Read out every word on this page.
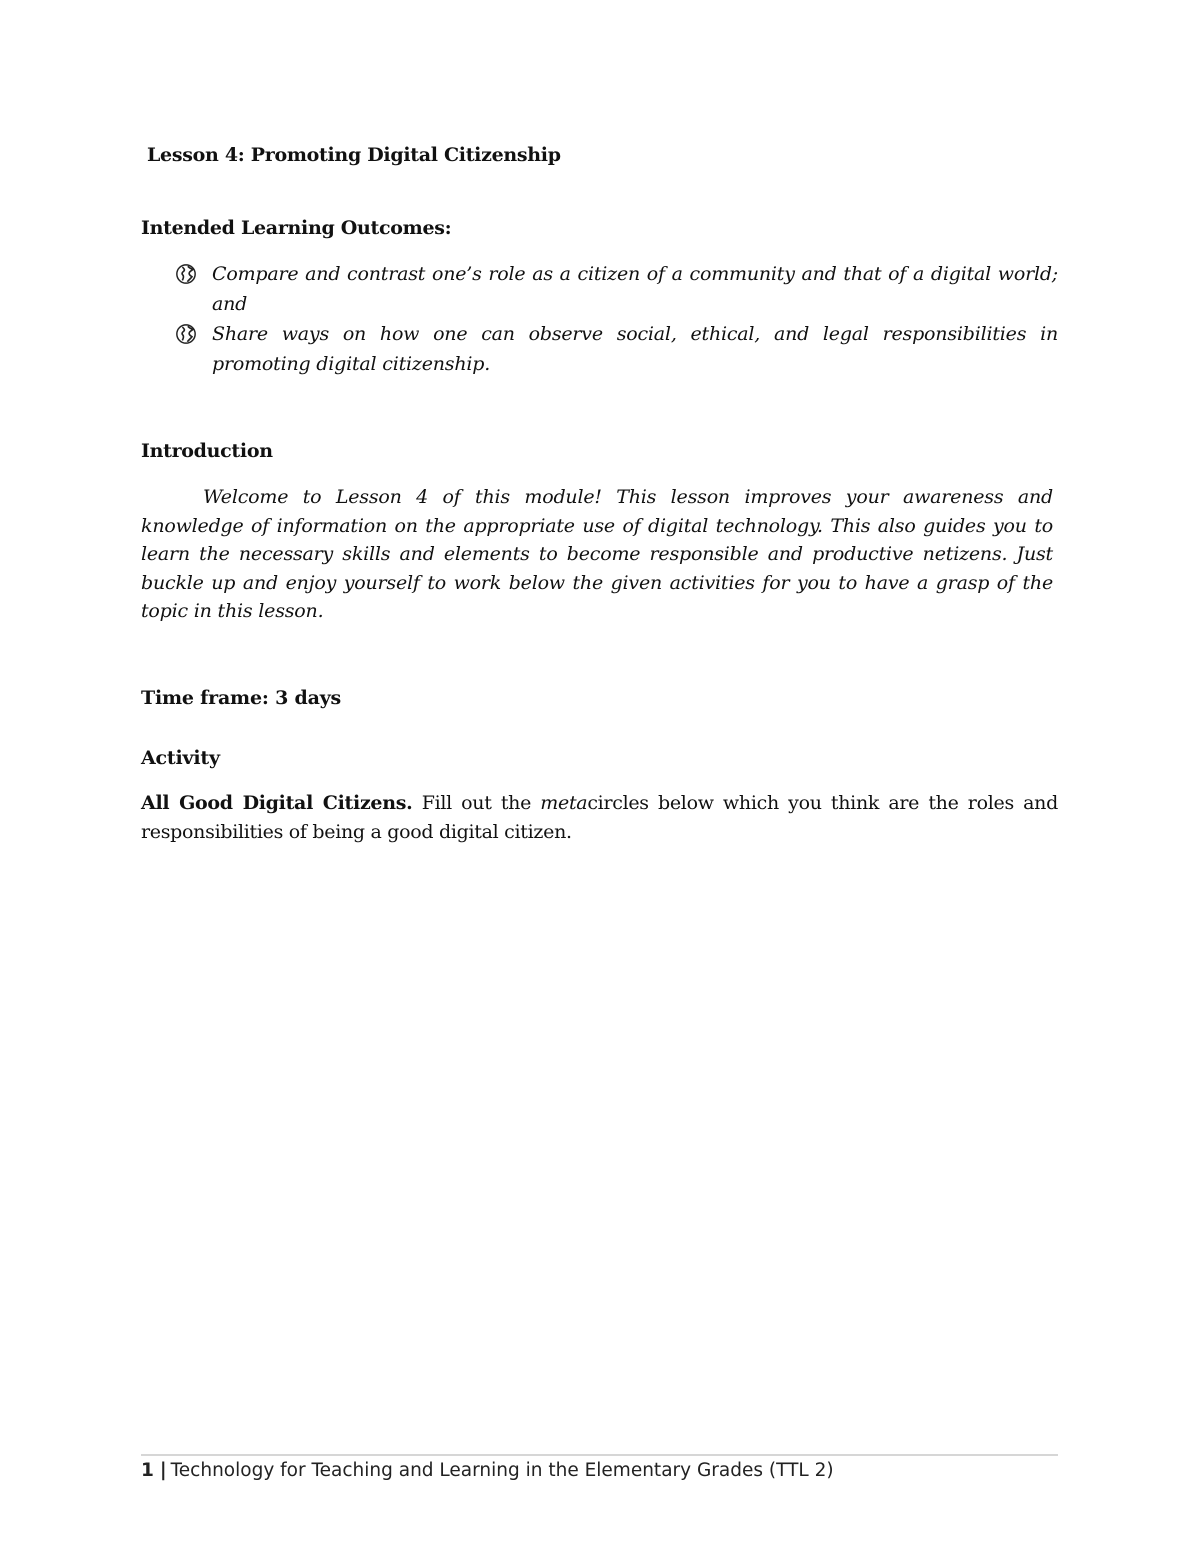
Lesson 4: Promoting Digital Citizenship
Intended Learning Outcomes:
Compare and contrast one’s role as a citizen of a community and that of a digital world; and
Share ways on how one can observe social, ethical, and legal responsibilities in promoting digital citizenship.
Introduction
Welcome to Lesson 4 of this module! This lesson improves your awareness and knowledge of information on the appropriate use of digital technology. This also guides you to learn the necessary skills and elements to become responsible and productive netizens. Just buckle up and enjoy yourself to work below the given activities for you to have a grasp of the topic in this lesson.
Time frame: 3 days
Activity
All Good Digital Citizens. Fill out the metacircles below which you think are the roles and responsibilities of being a good digital citizen.
1 | Technology for Teaching and Learning in the Elementary Grades (TTL 2)
